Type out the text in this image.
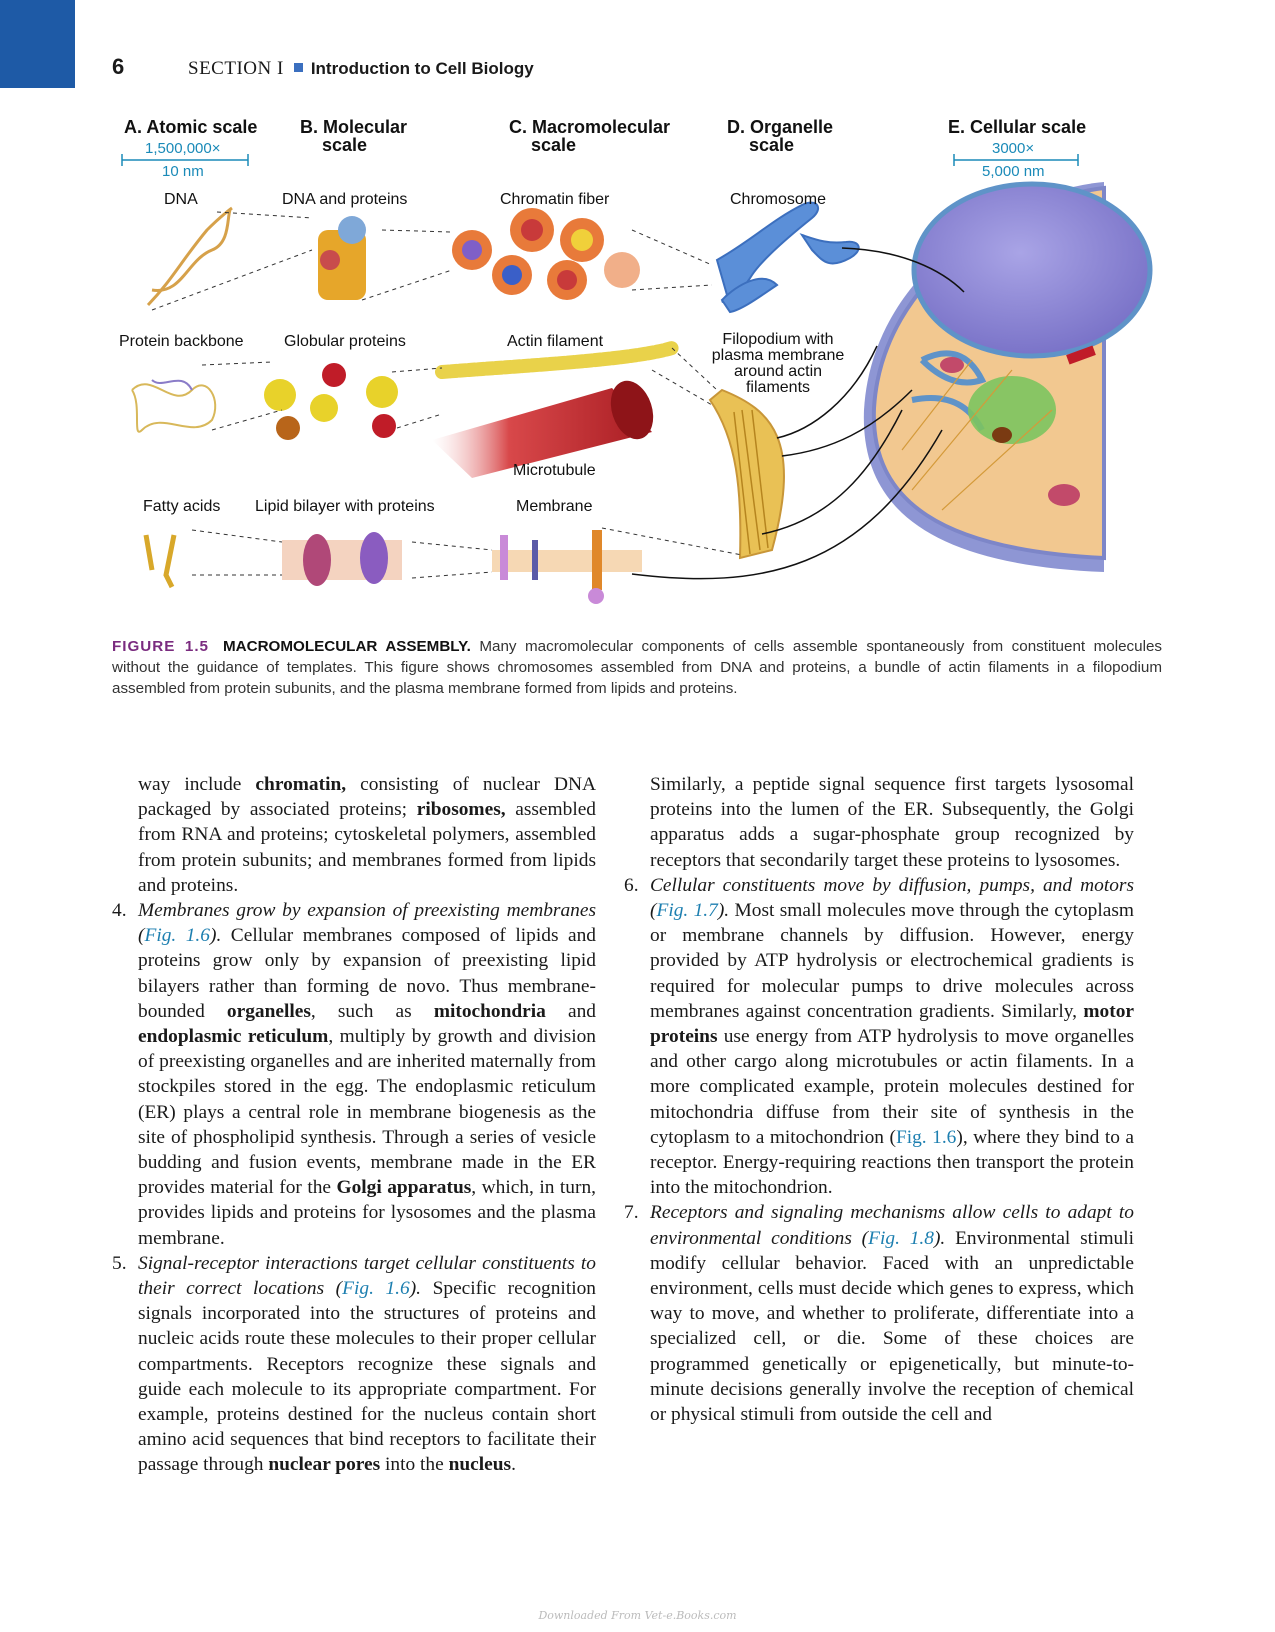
6	SECTION I Introduction to Cell Biology
A. Atomic scale
1,500,000×
10 nm
B. Molecular
scale
C. Macromolecular
scale
D. Organelle
scale
E. Cellular scale
3000×
5,000 nm
DNA	DNA and proteins	Chromatin fiber	Chromosome
Protein backbone	Globular proteins	Actin filament	Filopodium with
plasma membrane
around actin
filaments
Microtubule
Fatty acids Lipid bilayer with proteins	Membrane
FIGURE 1.5 MACROMOLECULAR ASSEMBLY. Many macromolecular components of cells assemble spontaneously from constituent molecules without the guidance of templates. This figure shows chromosomes assembled from DNA and proteins, a bundle of actin filaments in a filopodium assembled from protein subunits, and the plasma membrane formed from lipids and proteins.

way include chromatin, consisting of nuclear DNA packaged by associated proteins; ribosomes, assembled from RNA and proteins; cytoskeletal polymers, assembled from protein subunits; and membranes formed from lipids and proteins.

4. Membranes grow by expansion of preexisting membranes (Fig. 1.6). Cellular membranes composed of lipids and proteins grow only by expansion of preexisting lipid bilayers rather than forming de novo. Thus membrane-bounded organelles, such as mitochondria and endoplasmic reticulum, multiply by growth and division of preexisting organelles and are inherited maternally from stockpiles stored in the egg. The endoplasmic reticulum (ER) plays a central role in membrane biogenesis as the site of phospholipid synthesis. Through a series of vesicle budding and fusion events, membrane made in the ER provides material for the Golgi apparatus, which, in turn, provides lipids and proteins for lysosomes and the plasma membrane.

5. Signal-receptor interactions target cellular constituents to their correct locations (Fig. 1.6). Specific recognition signals incorporated into the structures of proteins and nucleic acids route these molecules to their proper cellular compartments. Receptors recognize these signals and guide each molecule to its appropriate compartment. For example, proteins destined for the nucleus contain short amino acid sequences that bind receptors to facilitate their passage through nuclear pores into the nucleus.

Similarly, a peptide signal sequence first targets lysosomal proteins into the lumen of the ER. Subsequently, the Golgi apparatus adds a sugar-phosphate group recognized by receptors that secondarily target these proteins to lysosomes.

6. Cellular constituents move by diffusion, pumps, and motors (Fig. 1.7). Most small molecules move through the cytoplasm or membrane channels by diffusion. However, energy provided by ATP hydrolysis or electrochemical gradients is required for molecular pumps to drive molecules across membranes against concentration gradients. Similarly, motor proteins use energy from ATP hydrolysis to move organelles and other cargo along microtubules or actin filaments. In a more complicated example, protein molecules destined for mitochondria diffuse from their site of synthesis in the cytoplasm to a mitochondrion (Fig. 1.6), where they bind to a receptor. Energy-requiring reactions then transport the protein into the mitochondrion.

7. Receptors and signaling mechanisms allow cells to adapt to environmental conditions (Fig. 1.8). Environmental stimuli modify cellular behavior. Faced with an unpredictable environment, cells must decide which genes to express, which way to move, and whether to proliferate, differentiate into a specialized cell, or die. Some of these choices are programmed genetically or epigenetically, but minute-to-minute decisions generally involve the reception of chemical or physical stimuli from outside the cell and

Downloaded From Vet-e.Books.com
